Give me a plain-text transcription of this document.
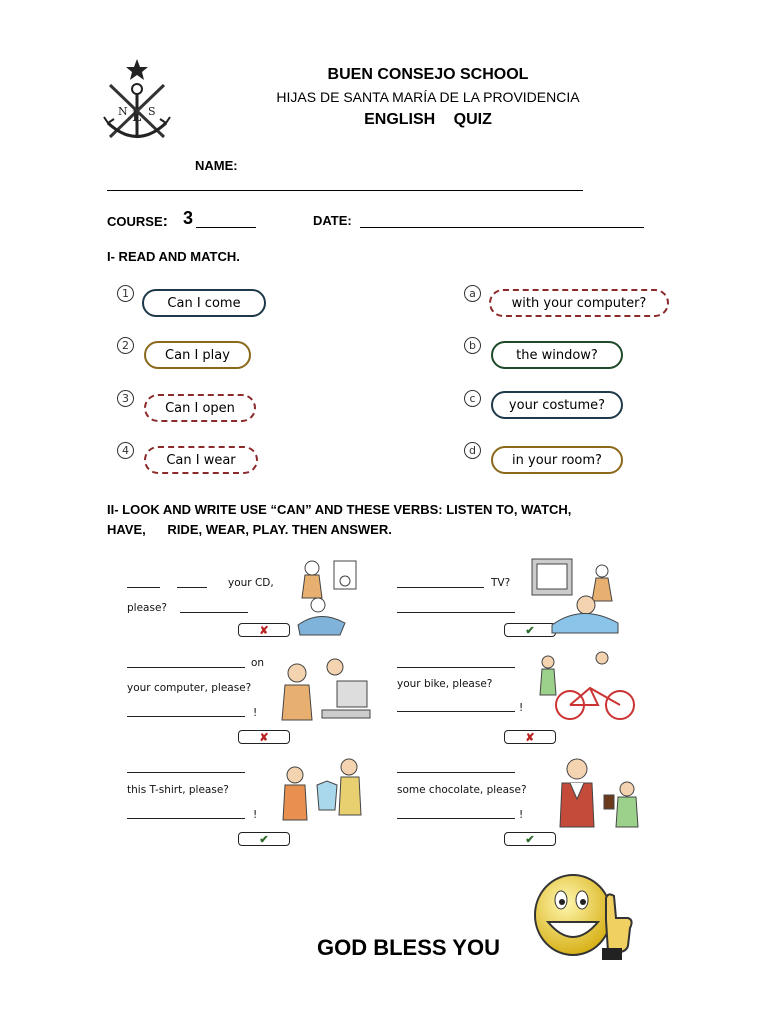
N L S
BUEN CONSEJO SCHOOL
HIJAS DE SANTA MARÍA DE LA PROVIDENCIA
ENGLISH QUIZ
NAME:
COURSE: 3	DATE:
I- READ AND MATCH.
1
Can I come
2
Can I play
3
Can I open
4
Can I wear
a
with your computer?
b
the window?
c	your costume?
d
in your room?
II- LOOK AND WRITE USE “CAN” AND THESE VERBS: LISTEN TO, WATCH,
HAVE,      RIDE, WEAR, PLAY. THEN ANSWER.
your CD,
please?
✘
TV?
✔
on
your computer, please?
!
✘
your bike, please?
!
✘
this T-shirt, please?
!
✔
some chocolate, please?
!
✔
GOD BLESS YOU
